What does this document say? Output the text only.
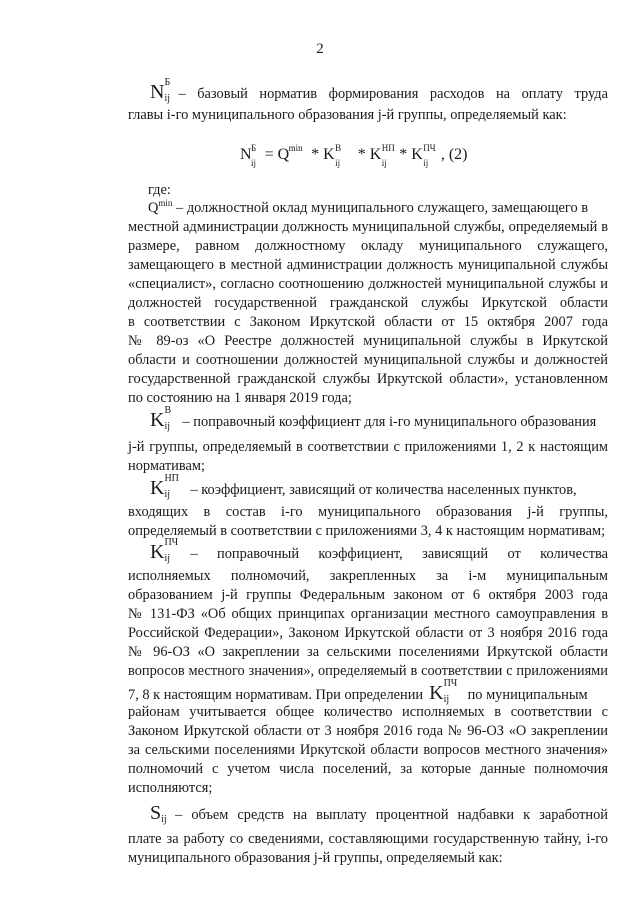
2
N Б
ij – базовый норматив формирования расходов на оплату труда
главы i-го муниципального образования j-й группы, определяемый как:
N Б
ij = Q min * K В
ij * K НП
ij * K ПЧ
ij , (2)
где:
$Q^{min}$ – должностной оклад муниципального служащего, замещающего в
местной администрации должность муниципальной службы, определяемый в
размере, равном должностному окладу муниципального служащего,
замещающего в местной администрации должность муниципальной службы
«специалист», согласно соотношению должностей муниципальной службы и
должностей государственной гражданской службы Иркутской области
в соответствии с Законом Иркутской области от 15 октября 2007 года
№ 89-оз «О Реестре должностей муниципальной службы в Иркутской
области и соотношении должностей муниципальной службы и должностей
государственной гражданской службы Иркутской области», установленном
по состоянию на 1 января 2019 года;
K В
ij – поправочный коэффициент для i-го муниципального образования
j-й группы, определяемый в соответствии с приложениями 1, 2 к настоящим
нормативам;
K НП
ij – коэффициент, зависящий от количества населенных пунктов,
входящих в состав i-го муниципального образования j-й группы,
определяемый в соответствии с приложениями 3, 4 к настоящим нормативам;
K ПЧ
ij – поправочный коэффициент, зависящий от количества
исполняемых полномочий, закрепленных за i-м муниципальным
образованием j-й группы Федеральным законом от 6 октября 2003 года
№ 131-ФЗ «Об общих принципах организации местного самоуправления в
Российской Федерации», Законом Иркутской области от 3 ноября 2016 года
№ 96-ОЗ «О закреплении за сельскими поселениями Иркутской области
вопросов местного значения», определяемый в соответствии с приложениями
7, 8 к настоящим нормативам. При определении K ПЧ
ij по муниципальным
районам учитывается общее количество исполняемых в соответствии с
Законом Иркутской области от 3 ноября 2016 года № 96-ОЗ «О закреплении
за сельскими поселениями Иркутской области вопросов местного значения»
полномочий с учетом числа поселений, за которые данные полномочия
исполняются;
S ij – объем средств на выплату процентной надбавки к заработной
плате за работу со сведениями, составляющими государственную тайну, i-го
муниципального образования j-й группы, определяемый как:
